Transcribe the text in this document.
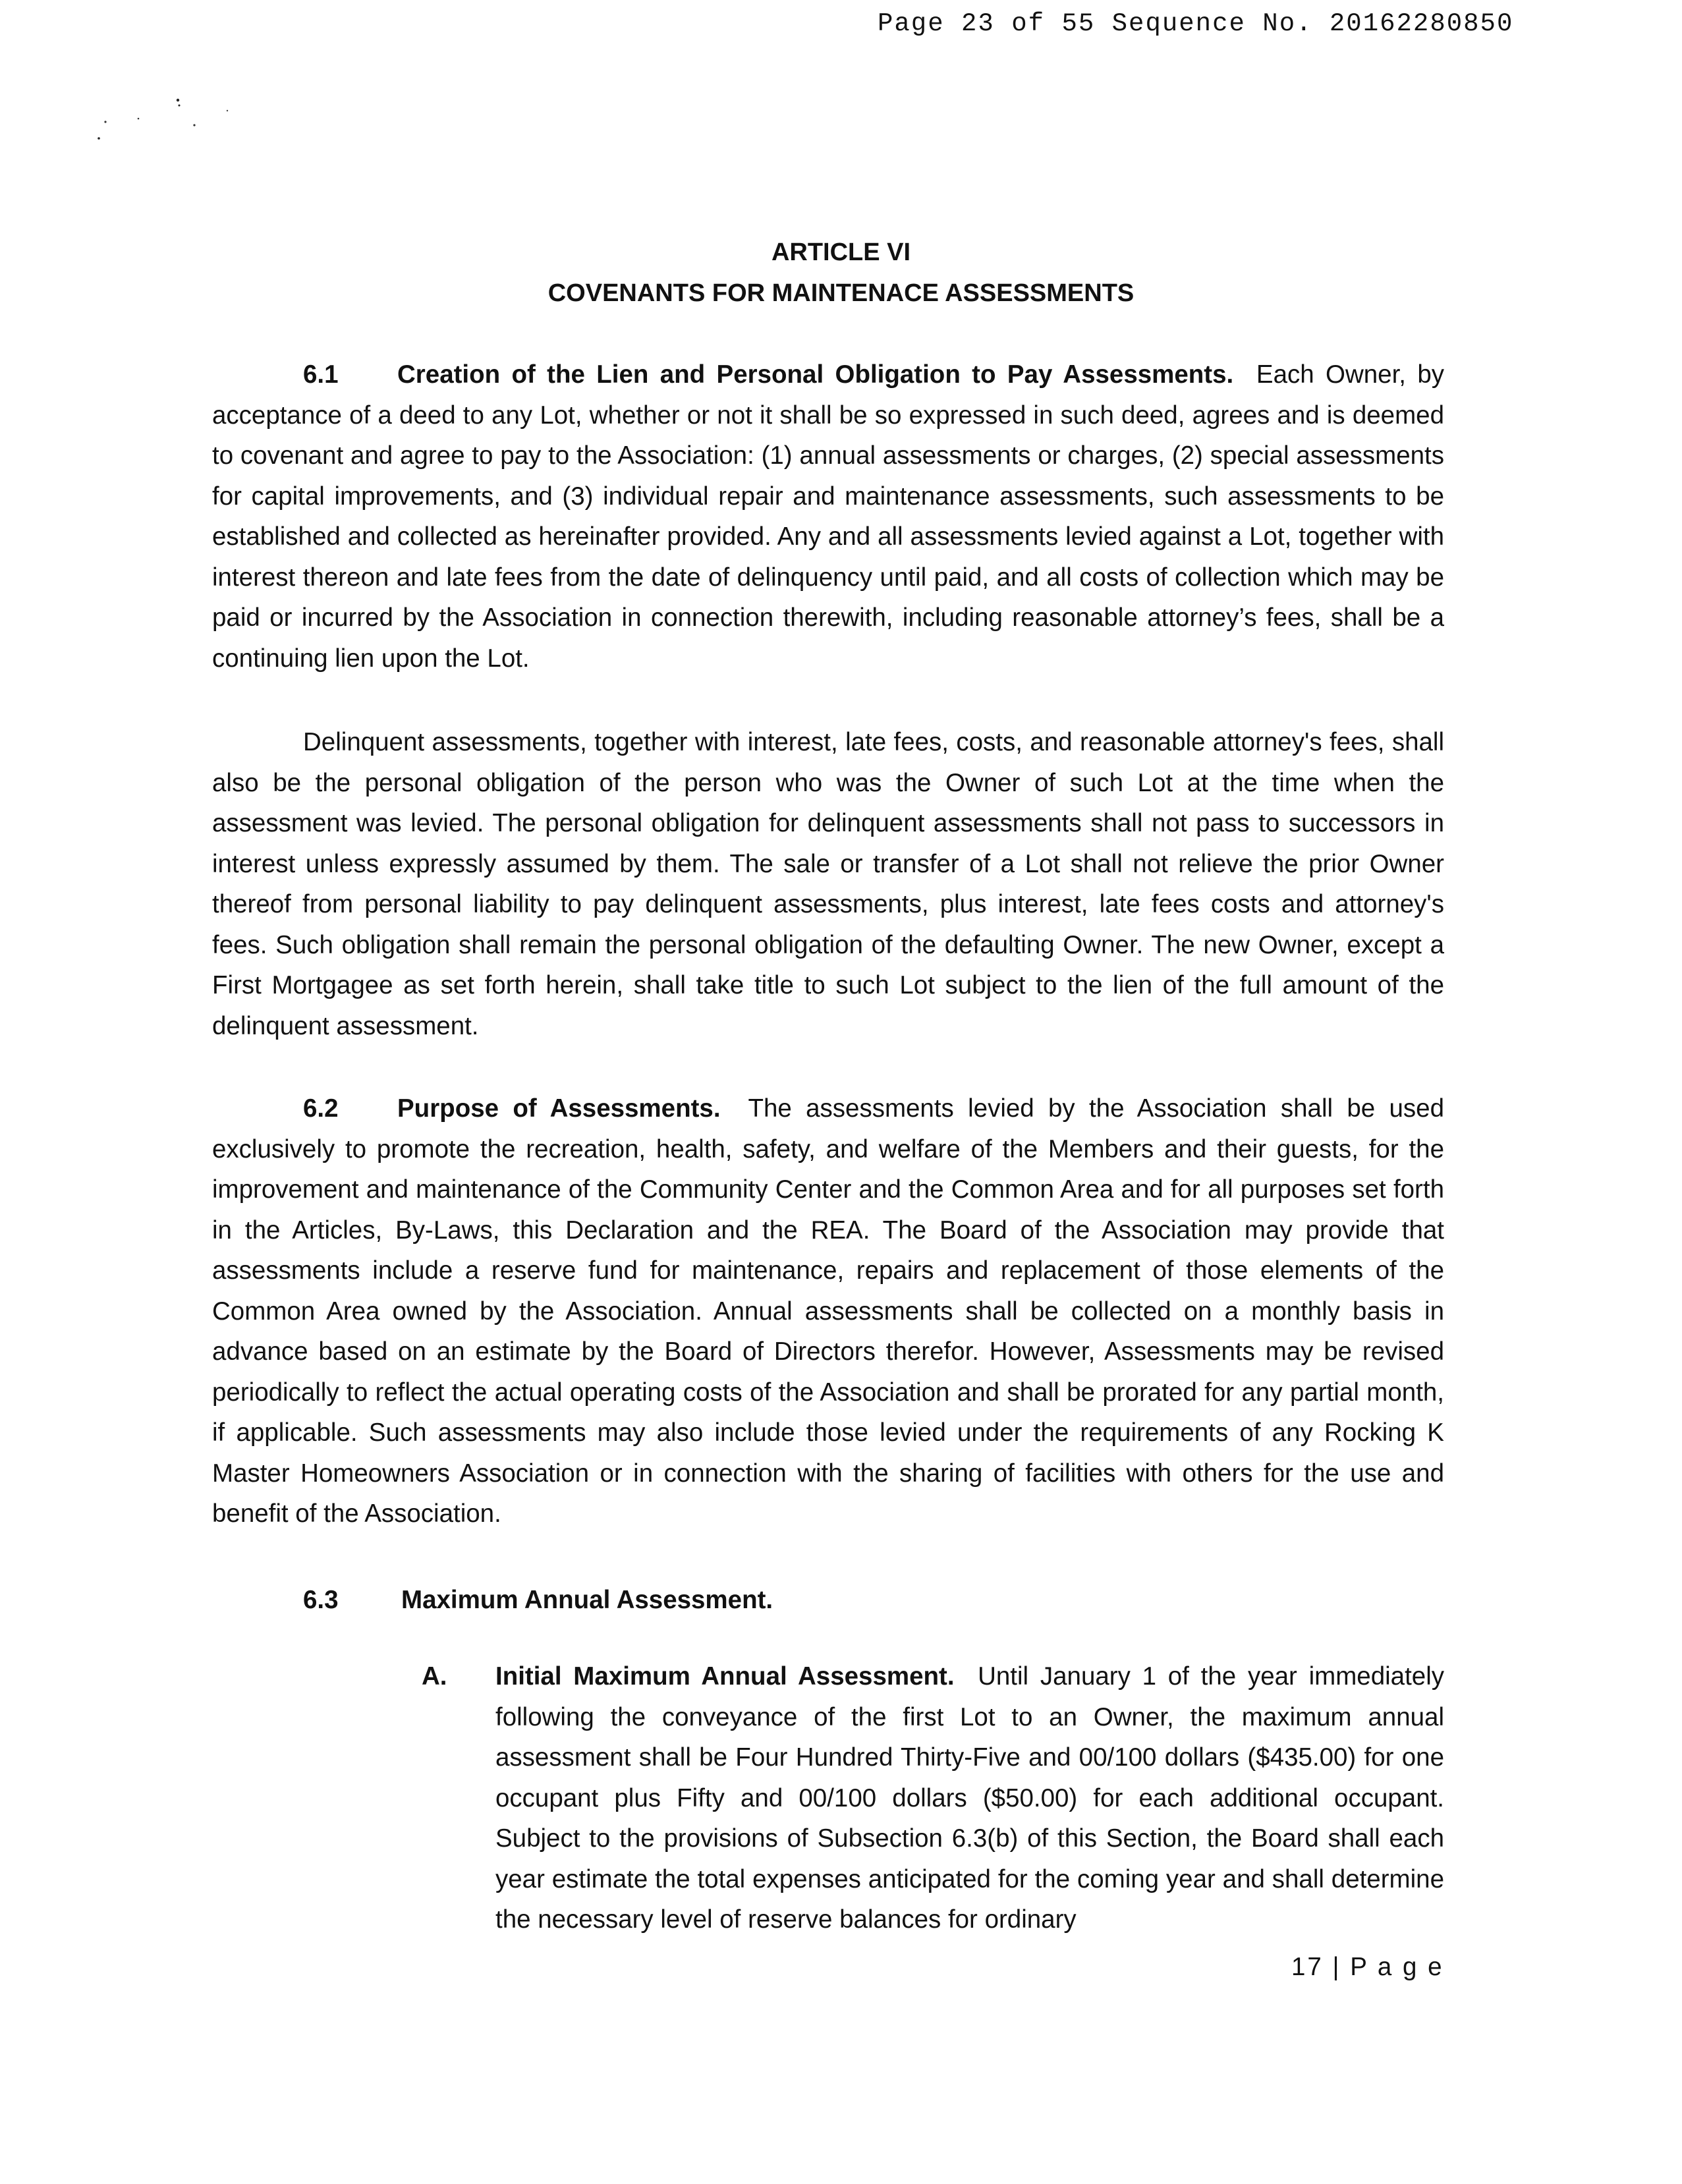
Page 23 of 55 Sequence No. 20162280850
ARTICLE VI
COVENANTS FOR MAINTENACE ASSESSMENTS

6.1 Creation of the Lien and Personal Obligation to Pay Assessments. Each Owner, by acceptance of a deed to any Lot, whether or not it shall be so expressed in such deed, agrees and is deemed to covenant and agree to pay to the Association: (1) annual assessments or charges, (2) special assessments for capital improvements, and (3) individual repair and maintenance assessments, such assessments to be established and collected as hereinafter provided. Any and all assessments levied against a Lot, together with interest thereon and late fees from the date of delinquency until paid, and all costs of collection which may be paid or incurred by the Association in connection therewith, including reasonable attorney’s fees, shall be a continuing lien upon the Lot.

Delinquent assessments, together with interest, late fees, costs, and reasonable attorney's fees, shall also be the personal obligation of the person who was the Owner of such Lot at the time when the assessment was levied. The personal obligation for delinquent assessments shall not pass to successors in interest unless expressly assumed by them. The sale or transfer of a Lot shall not relieve the prior Owner thereof from personal liability to pay delinquent assessments, plus interest, late fees costs and attorney's fees. Such obligation shall remain the personal obligation of the defaulting Owner. The new Owner, except a First Mortgagee as set forth herein, shall take title to such Lot subject to the lien of the full amount of the delinquent assessment.

6.2 Purpose of Assessments. The assessments levied by the Association shall be used exclusively to promote the recreation, health, safety, and welfare of the Members and their guests, for the improvement and maintenance of the Community Center and the Common Area and for all purposes set forth in the Articles, By-Laws, this Declaration and the REA. The Board of the Association may provide that assessments include a reserve fund for maintenance, repairs and replacement of those elements of the Common Area owned by the Association. Annual assessments shall be collected on a monthly basis in advance based on an estimate by the Board of Directors therefor. However, Assessments may be revised periodically to reflect the actual operating costs of the Association and shall be prorated for any partial month, if applicable. Such assessments may also include those levied under the requirements of any Rocking K Master Homeowners Association or in connection with the sharing of facilities with others for the use and benefit of the Association.

6.3 Maximum Annual Assessment.
A. Initial Maximum Annual Assessment. Until January 1 of the year immediately following the conveyance of the first Lot to an Owner, the maximum annual assessment shall be Four Hundred Thirty-Five and 00/100 dollars ($435.00) for one occupant plus Fifty and 00/100 dollars ($50.00) for each additional occupant. Subject to the provisions of Subsection 6.3(b) of this Section, the Board shall each year estimate the total expenses anticipated for the coming year and shall determine the necessary level of reserve balances for ordinary
17 | P a g e
